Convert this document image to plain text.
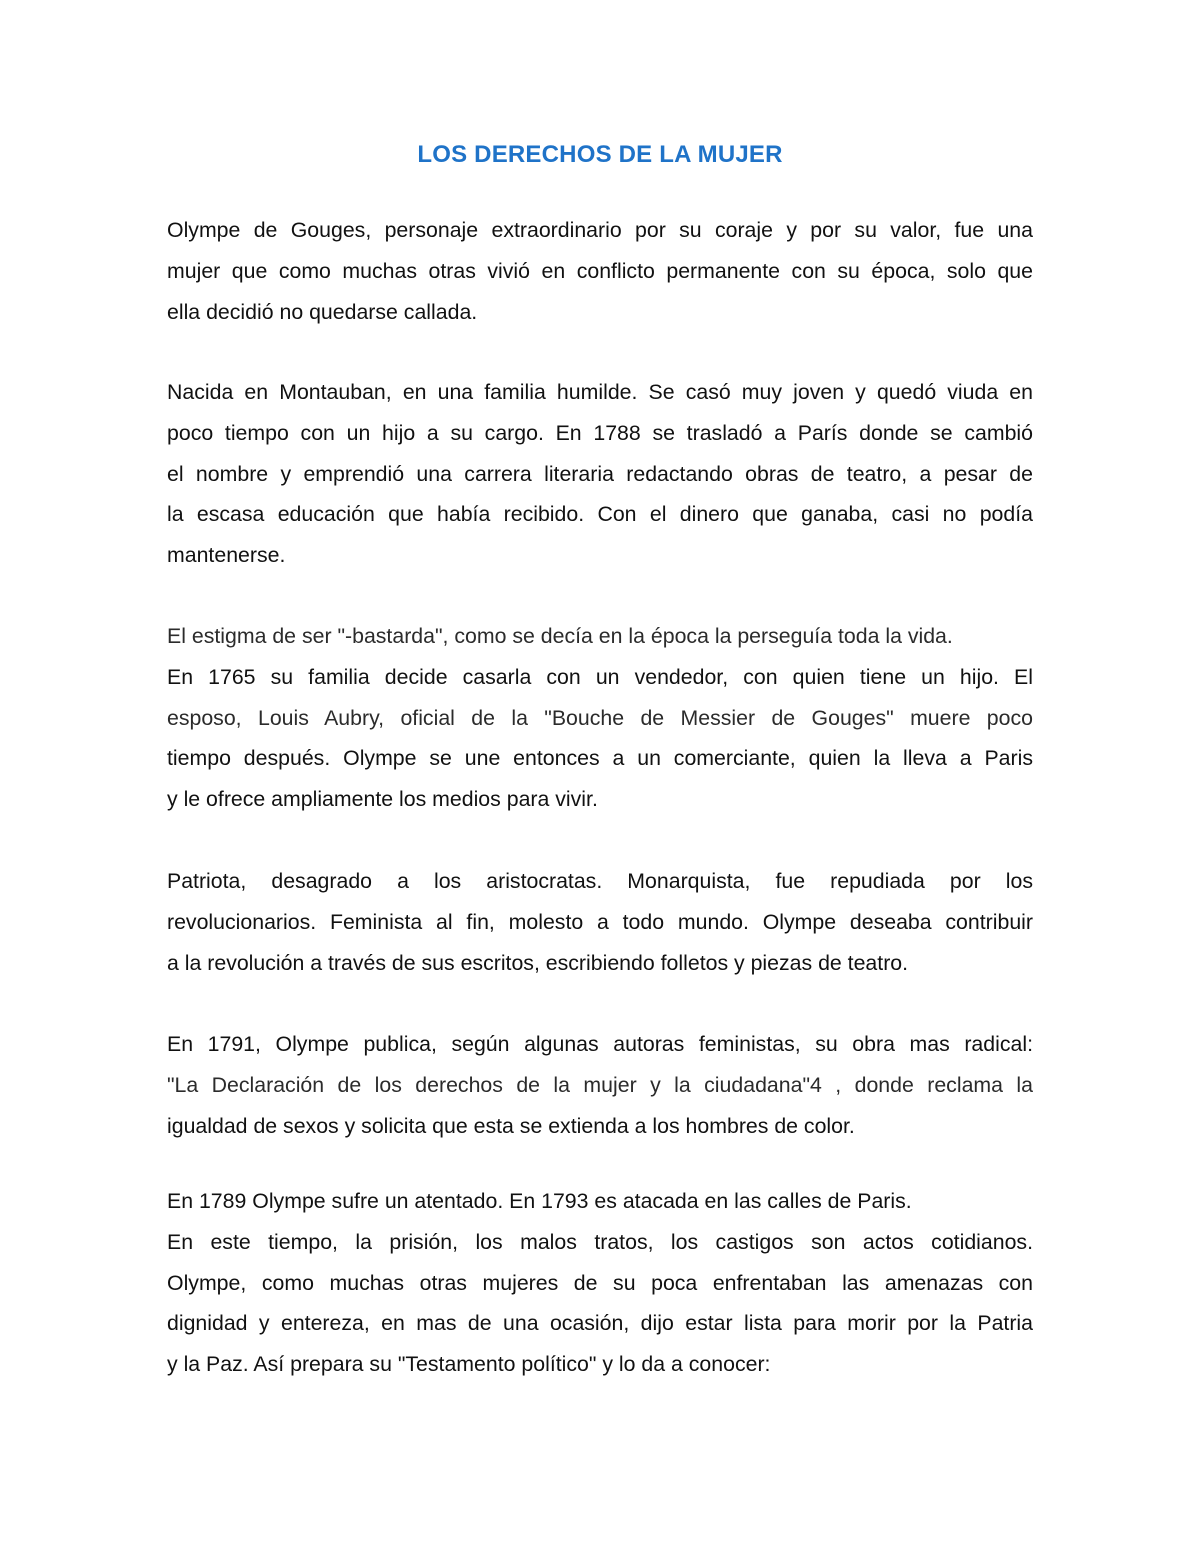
LOS DERECHOS DE LA MUJER

Olympe de Gouges, personaje extraordinario por su coraje y por su valor, fue una
mujer que como muchas otras vivió en conflicto permanente con su época, solo que
ella decidió no quedarse callada.

Nacida en Montauban, en una familia humilde. Se casó muy joven y quedó viuda en
poco tiempo con un hijo a su cargo. En 1788 se trasladó a París donde se cambió
el nombre y emprendió una carrera literaria redactando obras de teatro, a pesar de
la escasa educación que había recibido. Con el dinero que ganaba, casi no podía
mantenerse.

El estigma de ser "-bastarda", como se decía en la época la perseguía toda la vida.
En 1765 su familia decide casarla con un vendedor, con quien tiene un hijo. El
esposo, Louis Aubry, oficial de la "Bouche de Messier de Gouges" muere poco
tiempo después. Olympe se une entonces a un comerciante, quien la lleva a Paris
y le ofrece ampliamente los medios para vivir.

Patriota, desagrado a los aristocratas. Monarquista, fue repudiada por los
revolucionarios. Feminista al fin, molesto a todo mundo. Olympe deseaba contribuir
a la revolución a través de sus escritos, escribiendo folletos y piezas de teatro.

En 1791, Olympe publica, según algunas autoras feministas, su obra mas radical:
"La Declaración de los derechos de la mujer y la ciudadana"4 , donde reclama la
igualdad de sexos y solicita que esta se extienda a los hombres de color.

En 1789 Olympe sufre un atentado. En 1793 es atacada en las calles de Paris.
En este tiempo, la prisión, los malos tratos, los castigos son actos cotidianos.
Olympe, como muchas otras mujeres de su poca enfrentaban las amenazas con
dignidad y entereza, en mas de una ocasión, dijo estar lista para morir por la Patria
y la Paz. Así prepara su "Testamento político" y lo da a conocer:
